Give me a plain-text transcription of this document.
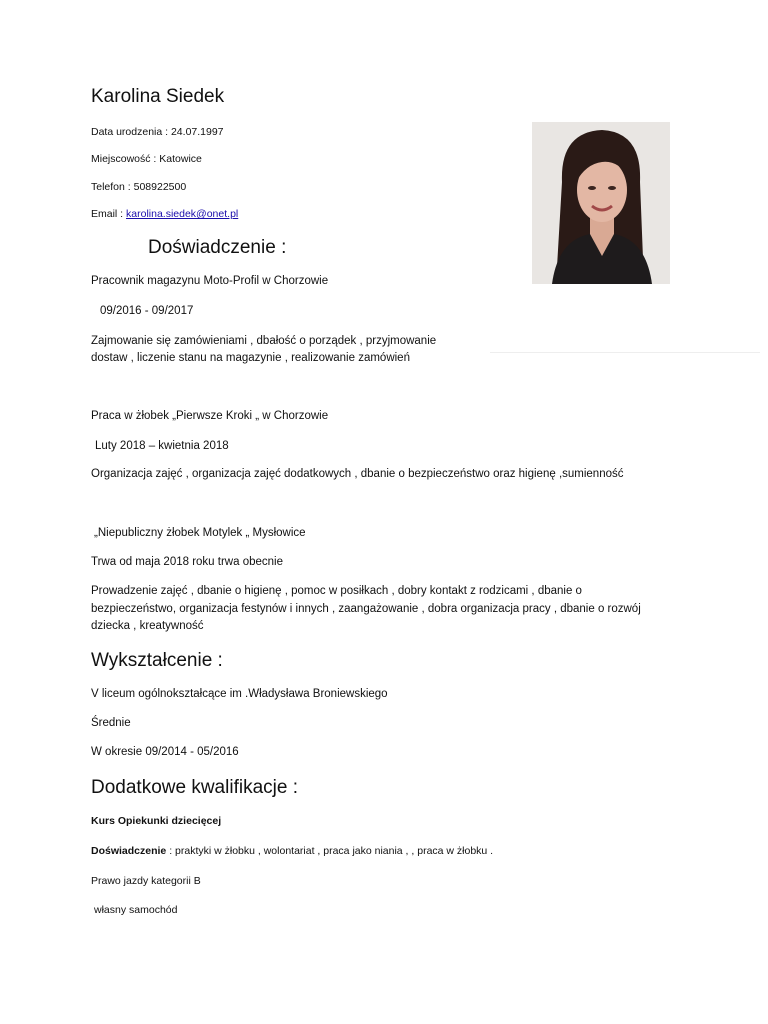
Karolina Siedek
Data urodzenia : 24.07.1997
Miejscowość : Katowice
Telefon : 508922500
Email : karolina.siedek@onet.pl
Doświadczenie :
Pracownik magazynu Moto-Profil w Chorzowie
09/2016 - 09/2017
Zajmowanie się zamówieniami , dbałość o porządek , przyjmowanie
dostaw , liczenie stanu na magazynie , realizowanie zamówień
Praca w żłobek „Pierwsze Kroki „ w Chorzowie
Luty 2018 – kwietnia 2018
Organizacja zajęć , organizacja zajęć dodatkowych , dbanie o bezpieczeństwo oraz higienę ,sumienność
„Niepubliczny żłobek Motylek „ Mysłowice
Trwa od maja 2018 roku trwa obecnie
Prowadzenie zajęć , dbanie o higienę , pomoc w posiłkach , dobry kontakt z rodzicami , dbanie o
bezpieczeństwo, organizacja festynów i innych , zaangażowanie , dobra organizacja pracy , dbanie o rozwój
dziecka , kreatywność
Wykształcenie :
V liceum ogólnokształcące im .Władysława Broniewskiego
Średnie
W okresie 09/2014 - 05/2016
Dodatkowe kwalifikacje :
Kurs Opiekunki dziecięcej
Doświadczenie : praktyki w żłobku , wolontariat , praca jako niania , , praca w żłobku .
Prawo jazdy kategorii B
własny samochód
